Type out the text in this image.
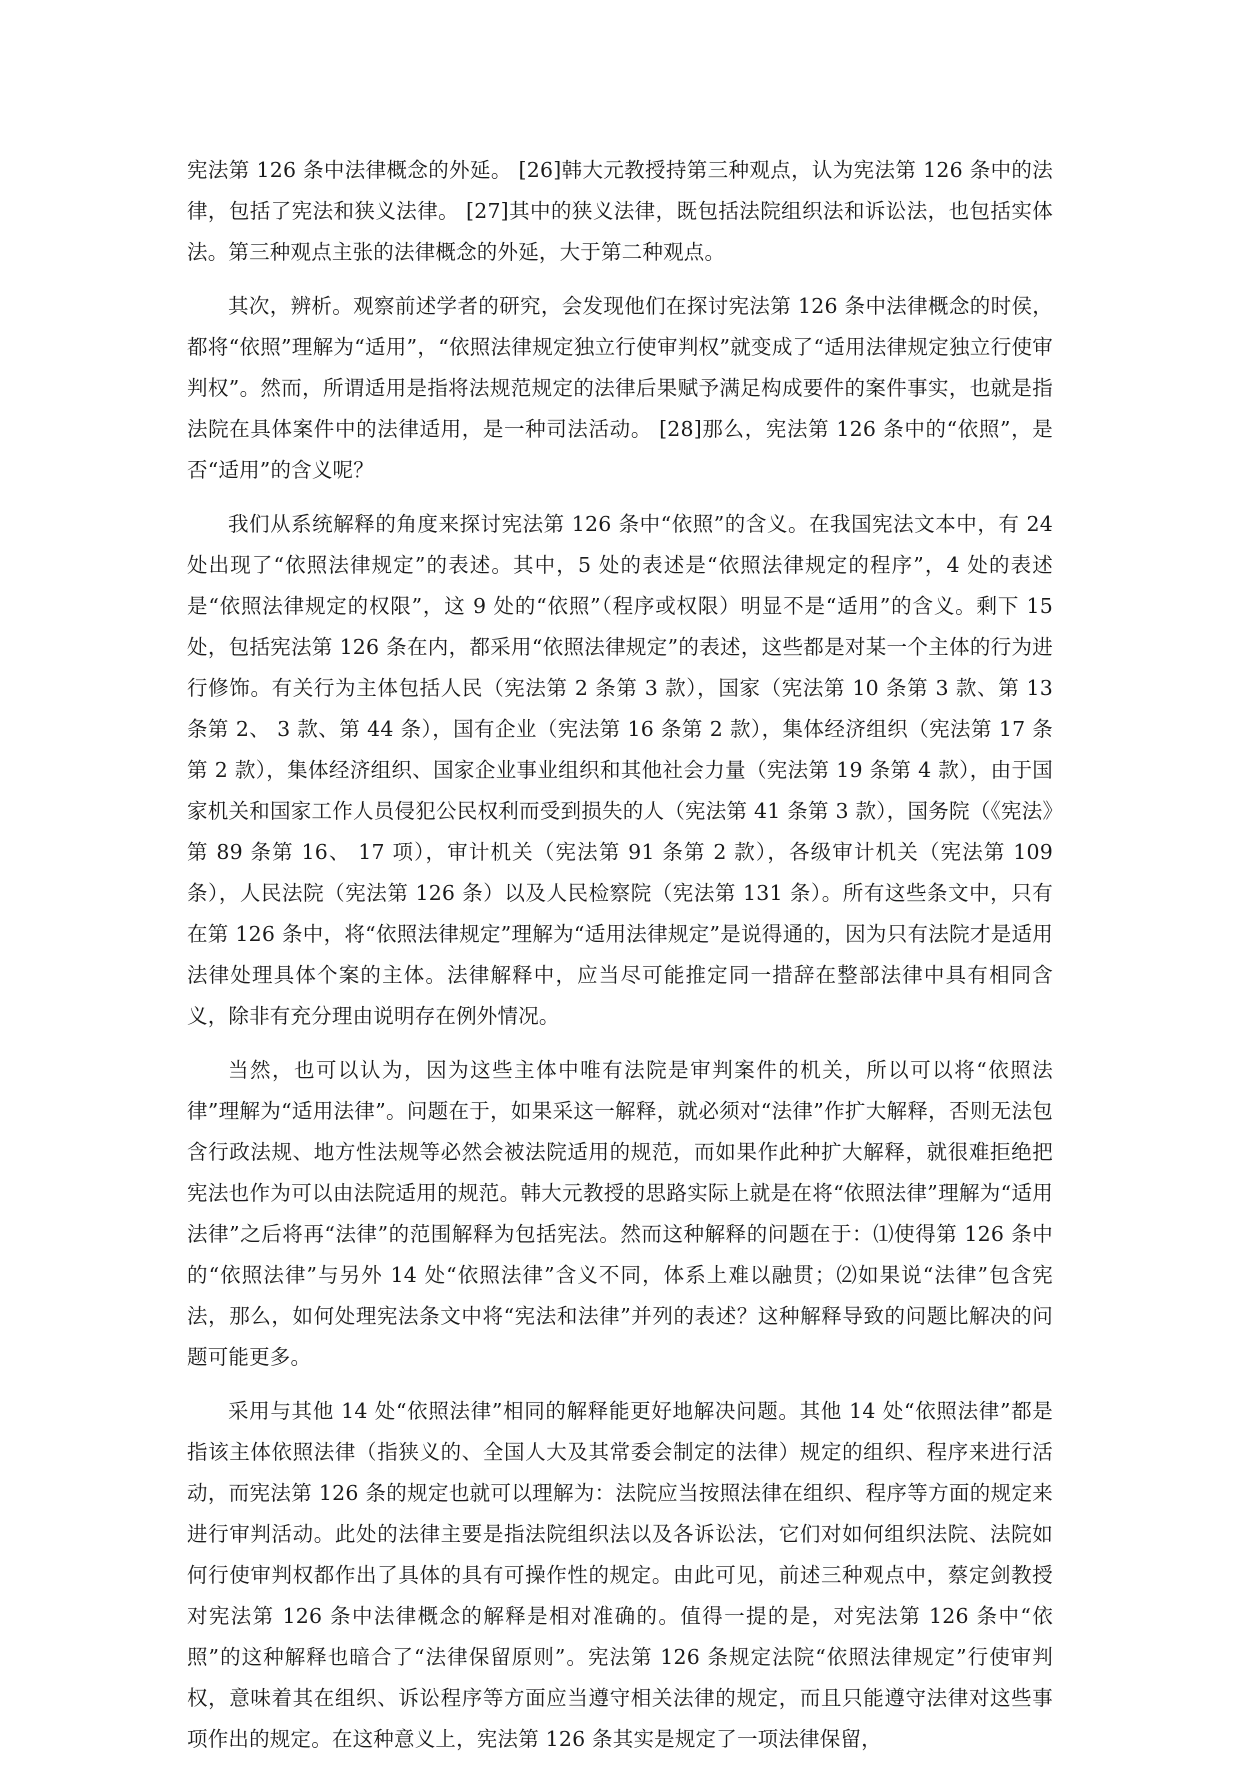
宪法第 126 条中法律概念的外延。 [26]韩大元教授持第三种观点，认为宪法第 126 条中的法律，包括了宪法和狭义法律。 [27]其中的狭义法律，既包括法院组织法和诉讼法，也包括实体法。第三种观点主张的法律概念的外延，大于第二种观点。

其次，辨析。观察前述学者的研究，会发现他们在探讨宪法第 126 条中法律概念的时侯，都将“依照”理解为“适用”，“依照法律规定独立行使审判权”就变成了“适用法律规定独立行使审判权”。然而，所谓适用是指将法规范规定的法律后果赋予满足构成要件的案件事实，也就是指法院在具体案件中的法律适用，是一种司法活动。 [28]那么，宪法第 126 条中的“依照”，是否“适用”的含义呢？

我们从系统解释的角度来探讨宪法第 126 条中“依照”的含义。在我国宪法文本中，有 24 处出现了“依照法律规定”的表述。其中，5 处的表述是“依照法律规定的程序”，4 处的表述是“依照法律规定的权限”，这 9 处的“依照”（程序或权限）明显不是“适用”的含义。剩下 15 处，包括宪法第 126 条在内，都采用“依照法律规定”的表述，这些都是对某一个主体的行为进行修饰。有关行为主体包括人民（宪法第 2 条第 3 款），国家（宪法第 10 条第 3 款、第 13 条第 2、 3 款、第 44 条），国有企业（宪法第 16 条第 2 款），集体经济组织（宪法第 17 条第 2 款），集体经济组织、国家企业事业组织和其他社会力量（宪法第 19 条第 4 款），由于国家机关和国家工作人员侵犯公民权利而受到损失的人（宪法第 41 条第 3 款），国务院（《宪法》第 89 条第 16、 17 项），审计机关（宪法第 91 条第 2 款），各级审计机关（宪法第 109 条），人民法院（宪法第 126 条）以及人民检察院（宪法第 131 条）。所有这些条文中，只有在第 126 条中，将“依照法律规定”理解为“适用法律规定”是说得通的，因为只有法院才是适用法律处理具体个案的主体。法律解释中，应当尽可能推定同一措辞在整部法律中具有相同含义，除非有充分理由说明存在例外情况。

当然，也可以认为，因为这些主体中唯有法院是审判案件的机关，所以可以将“依照法律”理解为“适用法律”。问题在于，如果采这一解释，就必须对“法律”作扩大解释，否则无法包含行政法规、地方性法规等必然会被法院适用的规范，而如果作此种扩大解释，就很难拒绝把宪法也作为可以由法院适用的规范。韩大元教授的思路实际上就是在将“依照法律”理解为“适用法律”之后将再“法律”的范围解释为包括宪法。然而这种解释的问题在于：⑴使得第 126 条中的“依照法律”与另外 14 处“依照法律”含义不同，体系上难以融贯；⑵如果说“法律”包含宪法，那么，如何处理宪法条文中将“宪法和法律”并列的表述？这种解释导致的问题比解决的问题可能更多。

采用与其他 14 处“依照法律”相同的解释能更好地解决问题。其他 14 处“依照法律”都是指该主体依照法律（指狭义的、全国人大及其常委会制定的法律）规定的组织、程序来进行活动，而宪法第 126 条的规定也就可以理解为：法院应当按照法律在组织、程序等方面的规定来进行审判活动。此处的法律主要是指法院组织法以及各诉讼法，它们对如何组织法院、法院如何行使审判权都作出了具体的具有可操作性的规定。由此可见，前述三种观点中，蔡定剑教授对宪法第 126 条中法律概念的解释是相对准确的。值得一提的是，对宪法第 126 条中“依照”的这种解释也暗合了“法律保留原则”。宪法第 126 条规定法院“依照法律规定”行使审判权，意味着其在组织、诉讼程序等方面应当遵守相关法律的规定，而且只能遵守法律对这些事项作出的规定。在这种意义上，宪法第 126 条其实是规定了一项法律保留，
